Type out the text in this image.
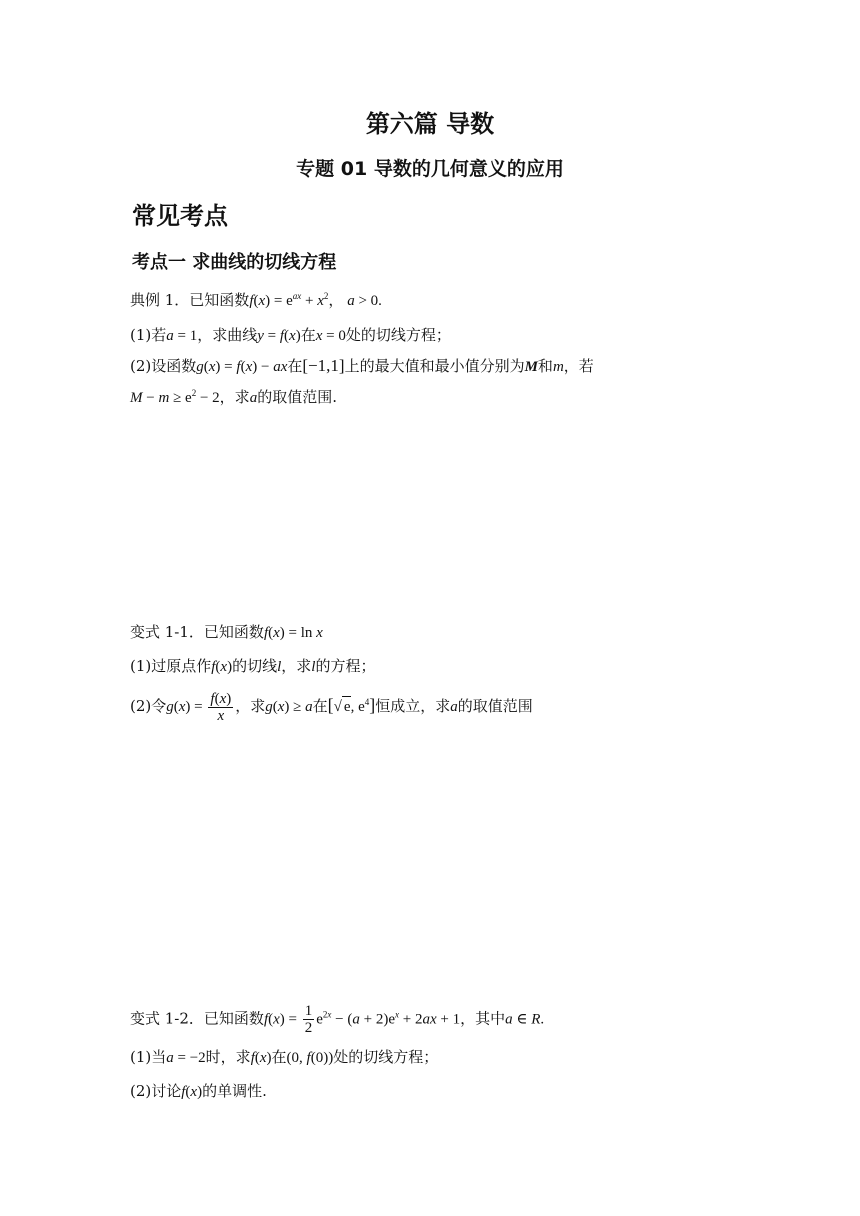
第六篇 导数
专题 01 导数的几何意义的应用
常见考点
考点一 求曲线的切线方程
典例 1．已知函数$f(x) = e^{ax} + x^2$， a > 0.
(1)若a = 1，求曲线y = f(x)在x = 0处的切线方程；
(2)设函数g(x) = f(x) − ax在[−1,1]上的最大值和最小值分别为M和m，若
$M - m \ge e^2 - 2$，求a的取值范围.
变式 1-1．已知函数f(x) = ln x
(1)过原点作f(x)的切线l，求l的方程；
(2)令$g(x) = \frac{f(x)}{x}$ ，求g(x) ≥ a在[√ e, $e^4$]恒成立，求a的取值范围
变式 1-2．已知函数$f(x) = \frac{1}{2} e^{2x} - (a + 2)e^x + 2ax + 1$，其中a ∈ R.
(1)当a = −2时，求f(x)在(0, f(0))处的切线方程；
(2)讨论f(x)的单调性.
